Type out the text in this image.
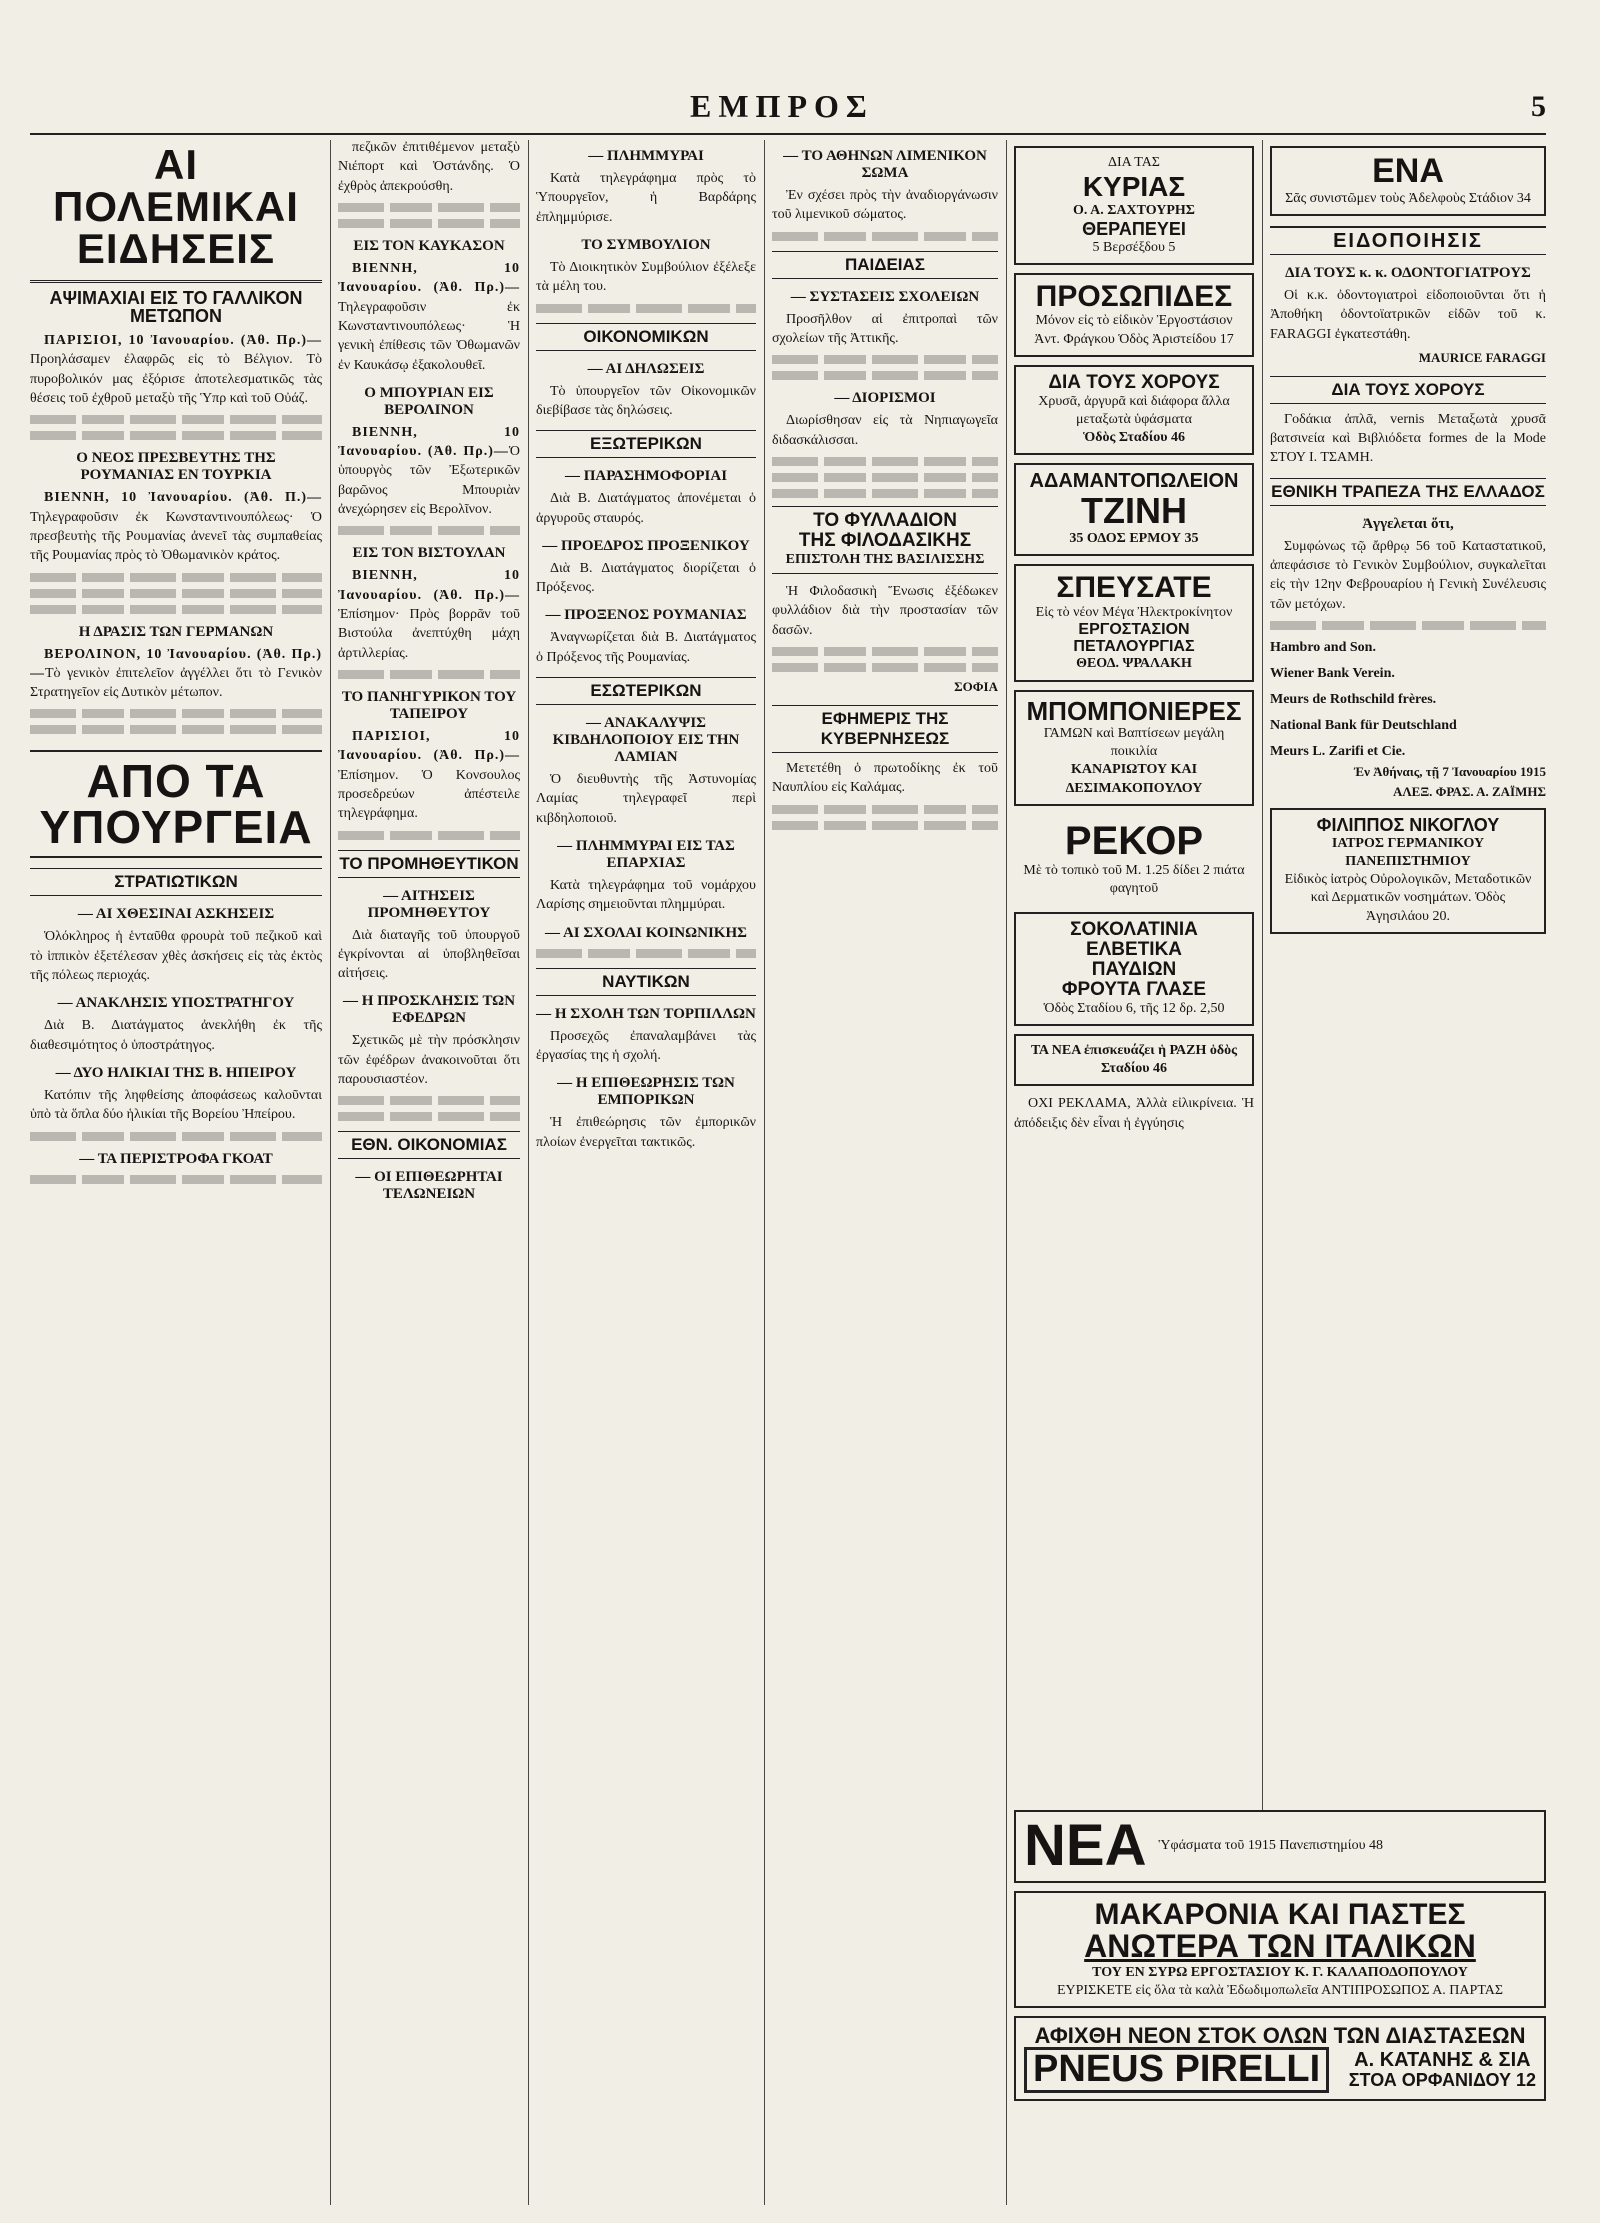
ΕΜΠΡΟΣ	5
ΑΙ ΠΟΛΕΜΙΚΑΙ ΕΙΔΗΣΕΙΣ
ΑΨΙΜΑΧΙΑΙ ΕΙΣ ΤΟ ΓΑΛΛΙΚΟΝ ΜΕΤΩΠΟΝ

ΠΑΡΙΣΙΟΙ, 10 Ἰανουαρίου. (Ἀθ. Πρ.)—Προηλάσαμεν ἐλαφρῶς εἰς τὸ Βέλγιον. Τὸ πυροβολικόν μας ἐξόρισε ἀποτελεσματικῶς τὰς θέσεις τοῦ ἐχθροῦ μεταξὺ τῆς Ὑπρ καὶ τοῦ Οὐάζ.

Ο ΝΕΟΣ ΠΡΕΣΒΕΥΤΗΣ ΤΗΣ ΡΟΥΜΑΝΙΑΣ ΕΝ ΤΟΥΡΚΙΑ

ΒΙΕΝΝΗ, 10 Ἰανουαρίου. (Ἀθ. Π.)—Τηλεγραφοῦσιν ἐκ Κωνσταντινουπόλεως· Ὁ πρεσβευτὴς τῆς Ρουμανίας ἀνενεῖ τὰς συμπαθείας τῆς Ρουμανίας πρὸς τὸ Ὀθωμανικὸν κράτος.

Η ΔΡΑΣΙΣ ΤΩΝ ΓΕΡΜΑΝΩΝ

ΒΕΡΟΛΙΝΟΝ, 10 Ἰανουαρίου. (Ἀθ. Πρ.)—Τὸ γενικὸν ἐπιτελεῖον ἀγγέλλει ὅτι τὸ Γενικὸν Στρατηγεῖον εἰς Δυτικὸν μέτωπον.

ΑΠΟ ΤΑ ΥΠΟΥΡΓΕΙΑ
ΣΤΡΑΤΙΩΤΙΚΩΝ
— ΑΙ ΧΘΕΣΙΝΑΙ ΑΣΚΗΣΕΙΣ

Ὁλόκληρος ἡ ἑνταῦθα φρουρὰ τοῦ πεζικοῦ καὶ τὸ ἱππικὸν ἐξετέλεσαν χθὲς ἀσκήσεις εἰς τὰς ἐκτὸς τῆς πόλεως περιοχάς.

— ΑΝΑΚΛΗΣΙΣ ΥΠΟΣΤΡΑΤΗΓΟΥ

Διὰ Β. Διατάγματος ἀνεκλήθη ἐκ τῆς διαθεσιμότητος ὁ ὑποστράτηγος.

— ΔΥΟ ΗΛΙΚΙΑΙ ΤΗΣ Β. ΗΠΕΙΡΟΥ

Κατόπιν τῆς ληφθείσης ἀποφάσεως καλοῦνται ὑπὸ τὰ ὅπλα δύο ἡλικίαι τῆς Βορείου Ἠπείρου.

— ΤΑ ΠΕΡΙΣΤΡΟΦΑ ΓΚΟΑΤ

πεζικῶν ἐπιτιθέμενον μεταξὺ Νιέπορτ καὶ Ὀστάνδης. Ὁ ἐχθρὸς ἀπεκρούσθη.

ΕΙΣ ΤΟΝ ΚΑΥΚΑΣΟΝ

ΒΙΕΝΝΗ, 10 Ἰανουαρίου. (Ἀθ. Πρ.)—Τηλεγραφοῦσιν ἐκ Κωνσταντινουπόλεως· Ἡ γενικὴ ἐπίθεσις τῶν Ὀθωμανῶν ἐν Καυκάσῳ ἐξακολουθεῖ.

Ο ΜΠΟΥΡΙΑΝ ΕΙΣ ΒΕΡΟΛΙΝΟΝ

ΒΙΕΝΝΗ, 10 Ἰανουαρίου. (Ἀθ. Πρ.)—Ὁ ὑπουργὸς τῶν Ἐξωτερικῶν βαρῶνος Μπουριὰν ἀνεχώρησεν εἰς Βερολῖνον.

ΕΙΣ ΤΟΝ ΒΙΣΤΟΥΛΑΝ

ΒΙΕΝΝΗ, 10 Ἰανουαρίου. (Ἀθ. Πρ.)—Ἐπίσημον· Πρὸς βορρᾶν τοῦ Βιστούλα ἀνεπτύχθη μάχη ἀρτιλλερίας.

ΤΟ ΠΑΝΗΓΥΡΙΚΟΝ ΤΟΥ ΤΑΠΕΙΡΟΥ

ΠΑΡΙΣΙΟΙ, 10 Ἰανουαρίου. (Ἀθ. Πρ.)—Ἐπίσημον. Ὁ Κονσουλος προσεδρεύων ἀπέστειλε τηλεγράφημα.

ΤΟ ΠΡΟΜΗΘΕΥΤΙΚΟΝ
— ΑΙΤΗΣΕΙΣ ΠΡΟΜΗΘΕΥΤΟΥ

Διὰ διαταγῆς τοῦ ὑπουργοῦ ἐγκρίνονται αἱ ὑποβληθεῖσαι αἰτήσεις.

— Η ΠΡΟΣΚΛΗΣΙΣ ΤΩΝ ΕΦΕΔΡΩΝ

Σχετικῶς μὲ τὴν πρόσκλησιν τῶν ἐφέδρων ἀνακοινοῦται ὅτι παρουσιαστέον.

ΕΘΝ. ΟΙΚΟΝΟΜΙΑΣ
— ΟΙ ΕΠΙΘΕΩΡΗΤΑΙ ΤΕΛΩΝΕΙΩΝ
— ΠΛΗΜΜΥΡΑΙ

Κατὰ τηλεγράφημα πρὸς τὸ Ὑπουργεῖον, ἡ Βαρδάρης ἐπλημμύρισε.

ΤΟ ΣΥΜΒΟΥΛΙΟΝ

Τὸ Διοικητικὸν Συμβούλιον ἐξέλεξε τὰ μέλη του.

ΟΙΚΟΝΟΜΙΚΩΝ
— ΑΙ ΔΗΛΩΣΕΙΣ

Τὸ ὑπουργεῖον τῶν Οἰκονομικῶν διεβίβασε τὰς δηλώσεις.

ΕΞΩΤΕΡΙΚΩΝ
— ΠΑΡΑΣΗΜΟΦΟΡΙΑΙ

Διὰ Β. Διατάγματος ἀπονέμεται ὁ ἀργυροῦς σταυρός.

— ΠΡΟΕΔΡΟΣ ΠΡΟΞΕΝΙΚΟΥ

Διὰ Β. Διατάγματος διορίζεται ὁ Πρόξενος.

— ΠΡΟΞΕΝΟΣ ΡΟΥΜΑΝΙΑΣ

Ἀναγνωρίζεται διὰ Β. Διατάγματος ὁ Πρόξενος τῆς Ρουμανίας.

ΕΣΩΤΕΡΙΚΩΝ
— ΑΝΑΚΑΛΥΨΙΣ ΚΙΒΔΗΛΟΠΟΙΟΥ ΕΙΣ ΤΗΝ ΛΑΜΙΑΝ

Ὁ διευθυντὴς τῆς Ἀστυνομίας Λαμίας τηλεγραφεῖ περὶ κιβδηλοποιοῦ.

— ΠΛΗΜΜΥΡΑΙ ΕΙΣ ΤΑΣ ΕΠΑΡΧΙΑΣ

Κατὰ τηλεγράφημα τοῦ νομάρχου Λαρίσης σημειοῦνται πλημμύραι.

— ΑΙ ΣΧΟΛΑΙ ΚΟΙΝΩΝΙΚΗΣ
ΝΑΥΤΙΚΩΝ
— Η ΣΧΟΛΗ ΤΩΝ ΤΟΡΠΙΛΛΩΝ

Προσεχῶς ἐπαναλαμβάνει τὰς ἐργασίας της ἡ σχολή.

— Η ΕΠΙΘΕΩΡΗΣΙΣ ΤΩΝ ΕΜΠΟΡΙΚΩΝ

Ἡ ἐπιθεώρησις τῶν ἐμπορικῶν πλοίων ἐνεργεῖται τακτικῶς.

— ΤΟ ΑΘΗΝΩΝ ΛΙΜΕΝΙΚΟΝ ΣΩΜΑ

Ἐν σχέσει πρὸς τὴν ἀναδιοργάνωσιν τοῦ λιμενικοῦ σώματος.

ΠΑΙΔΕΙΑΣ
— ΣΥΣΤΑΣΕΙΣ ΣΧΟΛΕΙΩΝ

Προσῆλθον αἱ ἐπιτροπαὶ τῶν σχολείων τῆς Ἀττικῆς.

— ΔΙΟΡΙΣΜΟΙ

Διωρίσθησαν εἰς τὰ Νηπιαγωγεῖα διδασκάλισσαι.

ΤΟ ΦΥΛΛΑΔΙΟΝ
ΤΗΣ ΦΙΛΟΔΑΣΙΚΗΣ
ΕΠΙΣΤΟΛΗ ΤΗΣ ΒΑΣΙΛΙΣΣΗΣ

Ἡ Φιλοδασικὴ Ἕνωσις ἐξέδωκεν φυλλάδιον διὰ τὴν προστασίαν τῶν δασῶν.

ΣΟΦΙΑ
ΕΦΗΜΕΡΙΣ ΤΗΣ ΚΥΒΕΡΝΗΣΕΩΣ

Μετετέθη ὁ πρωτοδίκης ἐκ τοῦ Ναυπλίου εἰς Καλάμας.

ΔΙΑ ΤΑΣ
ΚΥΡΙΑΣ
Ο. Α. ΣΑΧΤΟΥΡΗΣ
ΘΕΡΑΠΕΥΕΙ
5 Βερσέξδου 5
ΠΡΟΣΩΠΙΔΕΣ
Μόνον εἰς τὸ εἰδικὸν Ἐργοστάσιον Ἀντ. Φράγκου Ὁδὸς Ἀριστείδου 17
ΔΙΑ ΤΟΥΣ ΧΟΡΟΥΣ
Χρυσᾶ, ἀργυρᾶ καὶ διάφορα ἄλλα μεταξωτὰ ὑφάσματα
Ὁδὸς Σταδίου 46
ΑΔΑΜΑΝΤΟΠΩΛΕΙΟΝ
ΤΖΙΝΗ
35 ΟΔΟΣ ΕΡΜΟΥ 35
ΣΠΕΥΣΑΤΕ
Εἰς τὸ νέον Μέγα Ἠλεκτροκίνητον
ΕΡΓΟΣΤΑΣΙΟΝ ΠΕΤΑΛΟΥΡΓΙΑΣ
ΘΕΟΔ. ΨΡΑΛΑΚΗ
ΜΠΟΜΠΟΝΙΕΡΕΣ
ΓΑΜΩΝ καὶ Βαπτίσεων μεγάλη ποικιλία
ΚΑΝΑΡΙΩΤΟΥ ΚΑΙ ΔΕΣΙΜΑΚΟΠΟΥΛΟΥ
ΡΕΚΟΡ
Μὲ τὸ τοπικὸ τοῦ Μ. 1.25 δίδει 2 πιάτα φαγητοῦ
ΣΟΚΟΛΑΤΙΝΙΑ ΕΛΒΕΤΙΚΑ
ΠΑΥΔΙΩΝ
ΦΡΟΥΤΑ ΓΛΑΣΕ
Ὁδὸς Σταδίου 6, τῆς 12 δρ. 2,50
ΤΑ ΝΕΑ ἐπισκευάζει ἡ ΡΑΖΗ ὁδὸς Σταδίου 46

ΟΧΙ ΡΕΚΛΑΜΑ, Ἀλλὰ εἰλικρίνεια. Ἡ ἀπόδειξις δὲν εἶναι ἡ ἐγγύησις

ΕΝΑ
Σᾶς συνιστῶμεν τοὺς Ἀδελφοὺς Στάδιον 34
ΕΙΔΟΠΟΙΗΣΙΣ
ΔΙΑ ΤΟΥΣ κ. κ. ΟΔΟΝΤΟΓΙΑΤΡΟΥΣ

Οἱ κ.κ. ὀδοντογιατροὶ εἰδοποιοῦνται ὅτι ἡ Ἀποθήκη ὀδοντοϊατρικῶν εἰδῶν τοῦ κ. FARAGGI ἐγκατεστάθη.

MAURICE FARAGGI
ΔΙΑ ΤΟΥΣ ΧΟΡΟΥΣ

Γοδάκια ἀπλᾶ, vernis Μεταξωτὰ χρυσᾶ βατσινεία καὶ Βιβλιόδετα formes de la Mode ΣΤΟΥ Ι. ΤΣΑΜΗ.

ΕΘΝΙΚΗ ΤΡΑΠΕΖΑ ΤΗΣ ΕΛΛΑΔΟΣ
Ἀγγελεται ὅτι,

Συμφώνως τῷ ἄρθρῳ 56 τοῦ Καταστατικοῦ, ἀπεφάσισε τὸ Γενικὸν Συμβούλιον, συγκαλεῖται εἰς τὴν 12ην Φεβρουαρίου ἡ Γενικὴ Συνέλευσις τῶν μετόχων.

Hambro and Son.
Wiener Bank Verein.
Meurs de Rothschild frères.
National Bank für Deutschland
Meurs L. Zarifi et Cie.
Ἐν Ἀθήναις, τῇ 7 Ἰανουαρίου 1915
ΑΛΕΞ. ΦΡΑΣ. Α. ΖΑΪΜΗΣ
ΦΙΛΙΠΠΟΣ ΝΙΚΟΓΛΟΥ
ΙΑΤΡΟΣ ΓΕΡΜΑΝΙΚΟΥ ΠΑΝΕΠΙΣΤΗΜΙΟΥ
Εἰδικὸς ἰατρὸς Οὐρολογικῶν, Μεταδοτικῶν καὶ Δερματικῶν νοσημάτων. Ὁδὸς Ἀγησιλάου 20.
ΝΕΑ Ὑφάσματα τοῦ 1915 Πανεπιστημίου 48
ΜΑΚΑΡΟΝΙΑ ΚΑΙ ΠΑΣΤΕΣ
ΑΝΩΤΕΡΑ ΤΩΝ ΙΤΑΛΙΚΩΝ
ΤΟΥ ΕΝ ΣΥΡΩ ΕΡΓΟΣΤΑΣΙΟΥ Κ. Γ. ΚΑΛΑΠΟΔΟΠΟΥΛΟΥ
ΕΥΡΙΣΚΕΤΕ εἰς ὅλα τὰ καλὰ Ἐδωδιμοπωλεῖα ΑΝΤΙΠΡΟΣΩΠΟΣ Α. ΠΑΡΤΑΣ
ΑΦΙΧΘΗ ΝΕΟΝ ΣΤΟΚ ΟΛΩΝ ΤΩΝ ΔΙΑΣΤΑΣΕΩΝ
PNEUS PIRELLI	Α. ΚΑΤΑΝΗΣ & ΣΙΑ
ΣΤΟΑ ΟΡΦΑΝΙΔΟΥ 12
